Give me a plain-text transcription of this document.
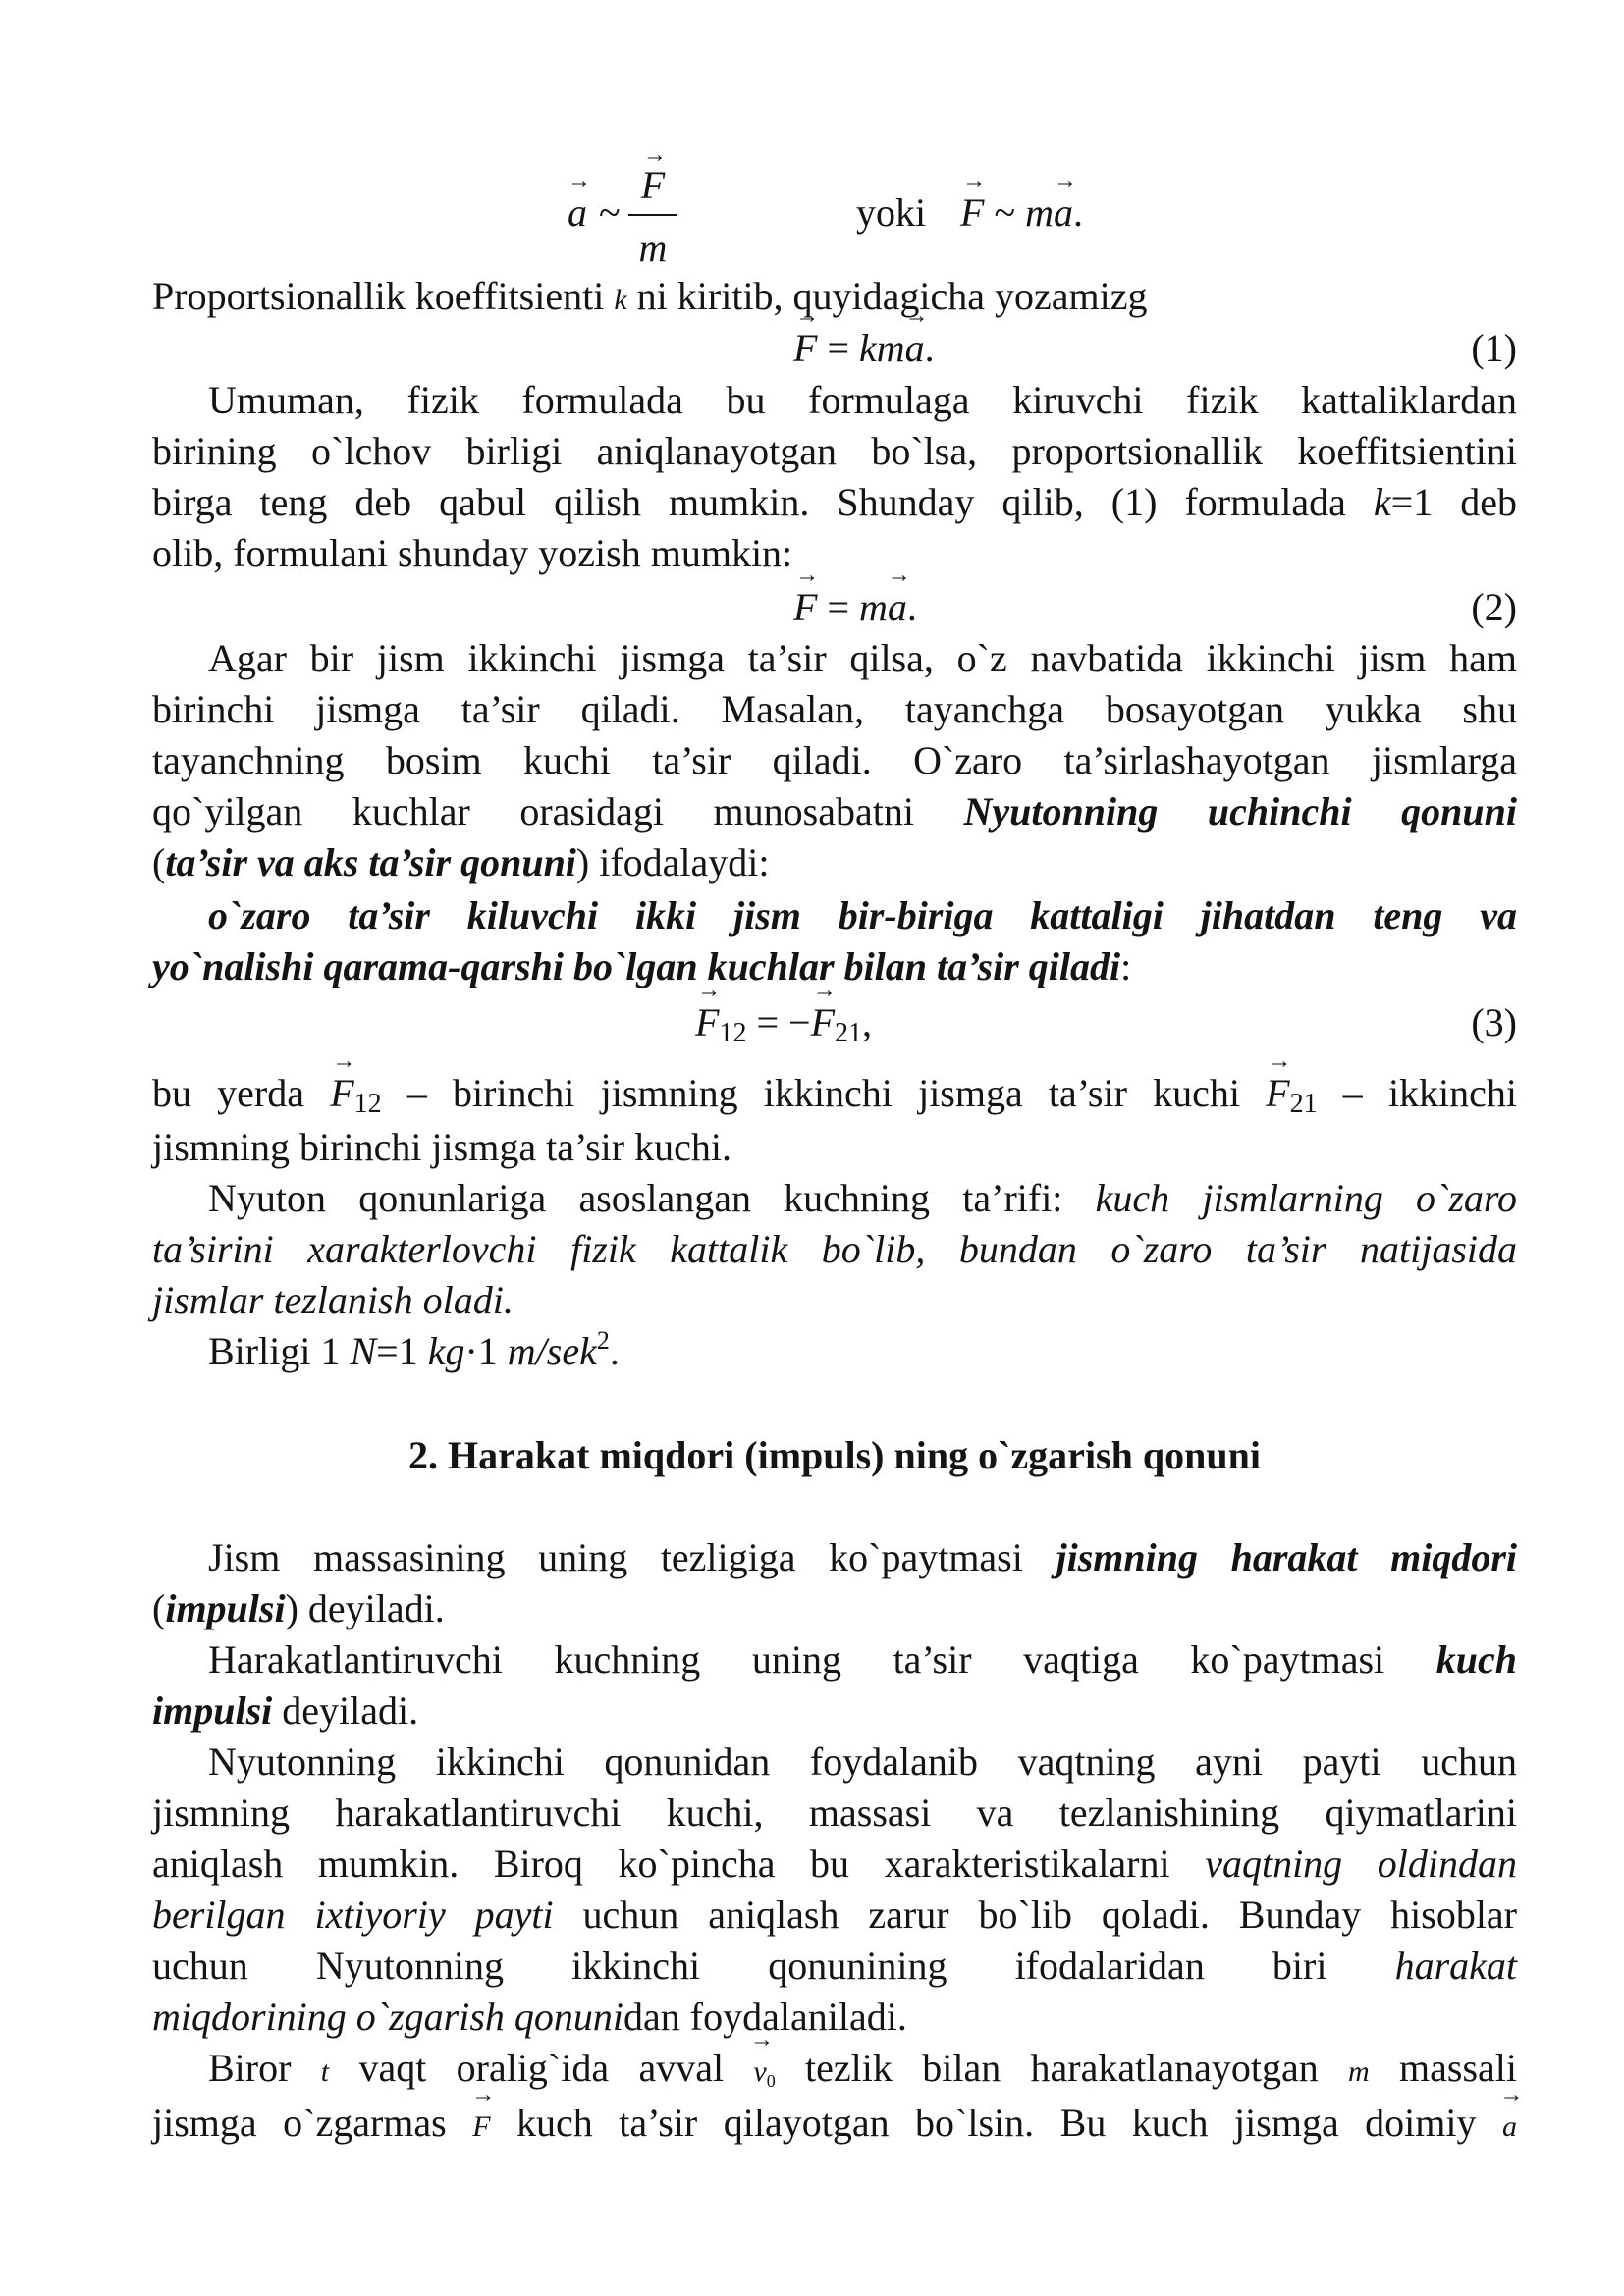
→ a ~
→ F
m
yoki → F ~ m→ a.
Proportsionallik koeffitsienti k ni kiritib, quyidagicha yozamizg
→ F = km→ a.	(1)
Umuman, fizik formulada bu formulaga kiruvchi fizik kattaliklardan
birining o`lchov birligi aniqlanayotgan bo`lsa, proportsionallik koeffitsientini
birga teng deb qabul qilish mumkin. Shunday qilib, (1) formulada k=1 deb
olib, formulani shunday yozish mumkin:
→ F = m→ a.	(2)
Agar bir jism ikkinchi jismga ta’sir qilsa, o`z navbatida ikkinchi jism ham
birinchi jismga ta’sir qiladi. Masalan, tayanchga bosayotgan yukka shu
tayanchning bosim kuchi ta’sir qiladi. O`zaro ta’sirlashayotgan jismlarga
qo`yilgan kuchlar orasidagi munosabatni Nyutonning uchinchi qonuni
(ta’sir va aks ta’sir qonuni) ifodalaydi:
o`zaro ta’sir kiluvchi ikki jism bir-biriga kattaligi jihatdan teng va
yo`nalishi qarama-qarshi bo`lgan kuchlar bilan ta’sir qiladi:
→ $F_{12}$ = −→ $F_{21}$,	(3)
bu yerda → $F_{12}$ – birinchi jismning ikkinchi jismga ta’sir kuchi → $F_{21}$ – ikkinchi
jismning birinchi jismga ta’sir kuchi.
Nyuton qonunlariga asoslangan kuchning ta’rifi: kuch jismlarning o`zaro
ta’sirini xarakterlovchi fizik kattalik bo`lib, bundan o`zaro ta’sir natijasida
jismlar tezlanish oladi.
Birligi 1 N=1 kg·1 m/sek$^2$.
2. Harakat miqdori (impuls) ning o`zgarish qonuni
Jism massasining uning tezligiga ko`paytmasi jismning harakat miqdori
(impulsi) deyiladi.
Harakatlantiruvchi kuchning uning ta’sir vaqtiga ko`paytmasi kuch
impulsi deyiladi.
Nyutonning ikkinchi qonunidan foydalanib vaqtning ayni payti uchun
jismning harakatlantiruvchi kuchi, massasi va tezlanishining qiymatlarini
aniqlash mumkin. Biroq ko`pincha bu xarakteristikalarni vaqtning oldindan
berilgan ixtiyoriy payti uchun aniqlash zarur bo`lib qoladi. Bunday hisoblar
uchun Nyutonning ikkinchi qonunining ifodalaridan biri harakat
miqdorining o`zgarish qonunidan foydalaniladi.
Biror t vaqt oralig`ida avval → $v_0$ tezlik bilan harakatlanayotgan m massali
jismga o`zgarmas → F kuch ta’sir qilayotgan bo`lsin. Bu kuch jismga doimiy → a
